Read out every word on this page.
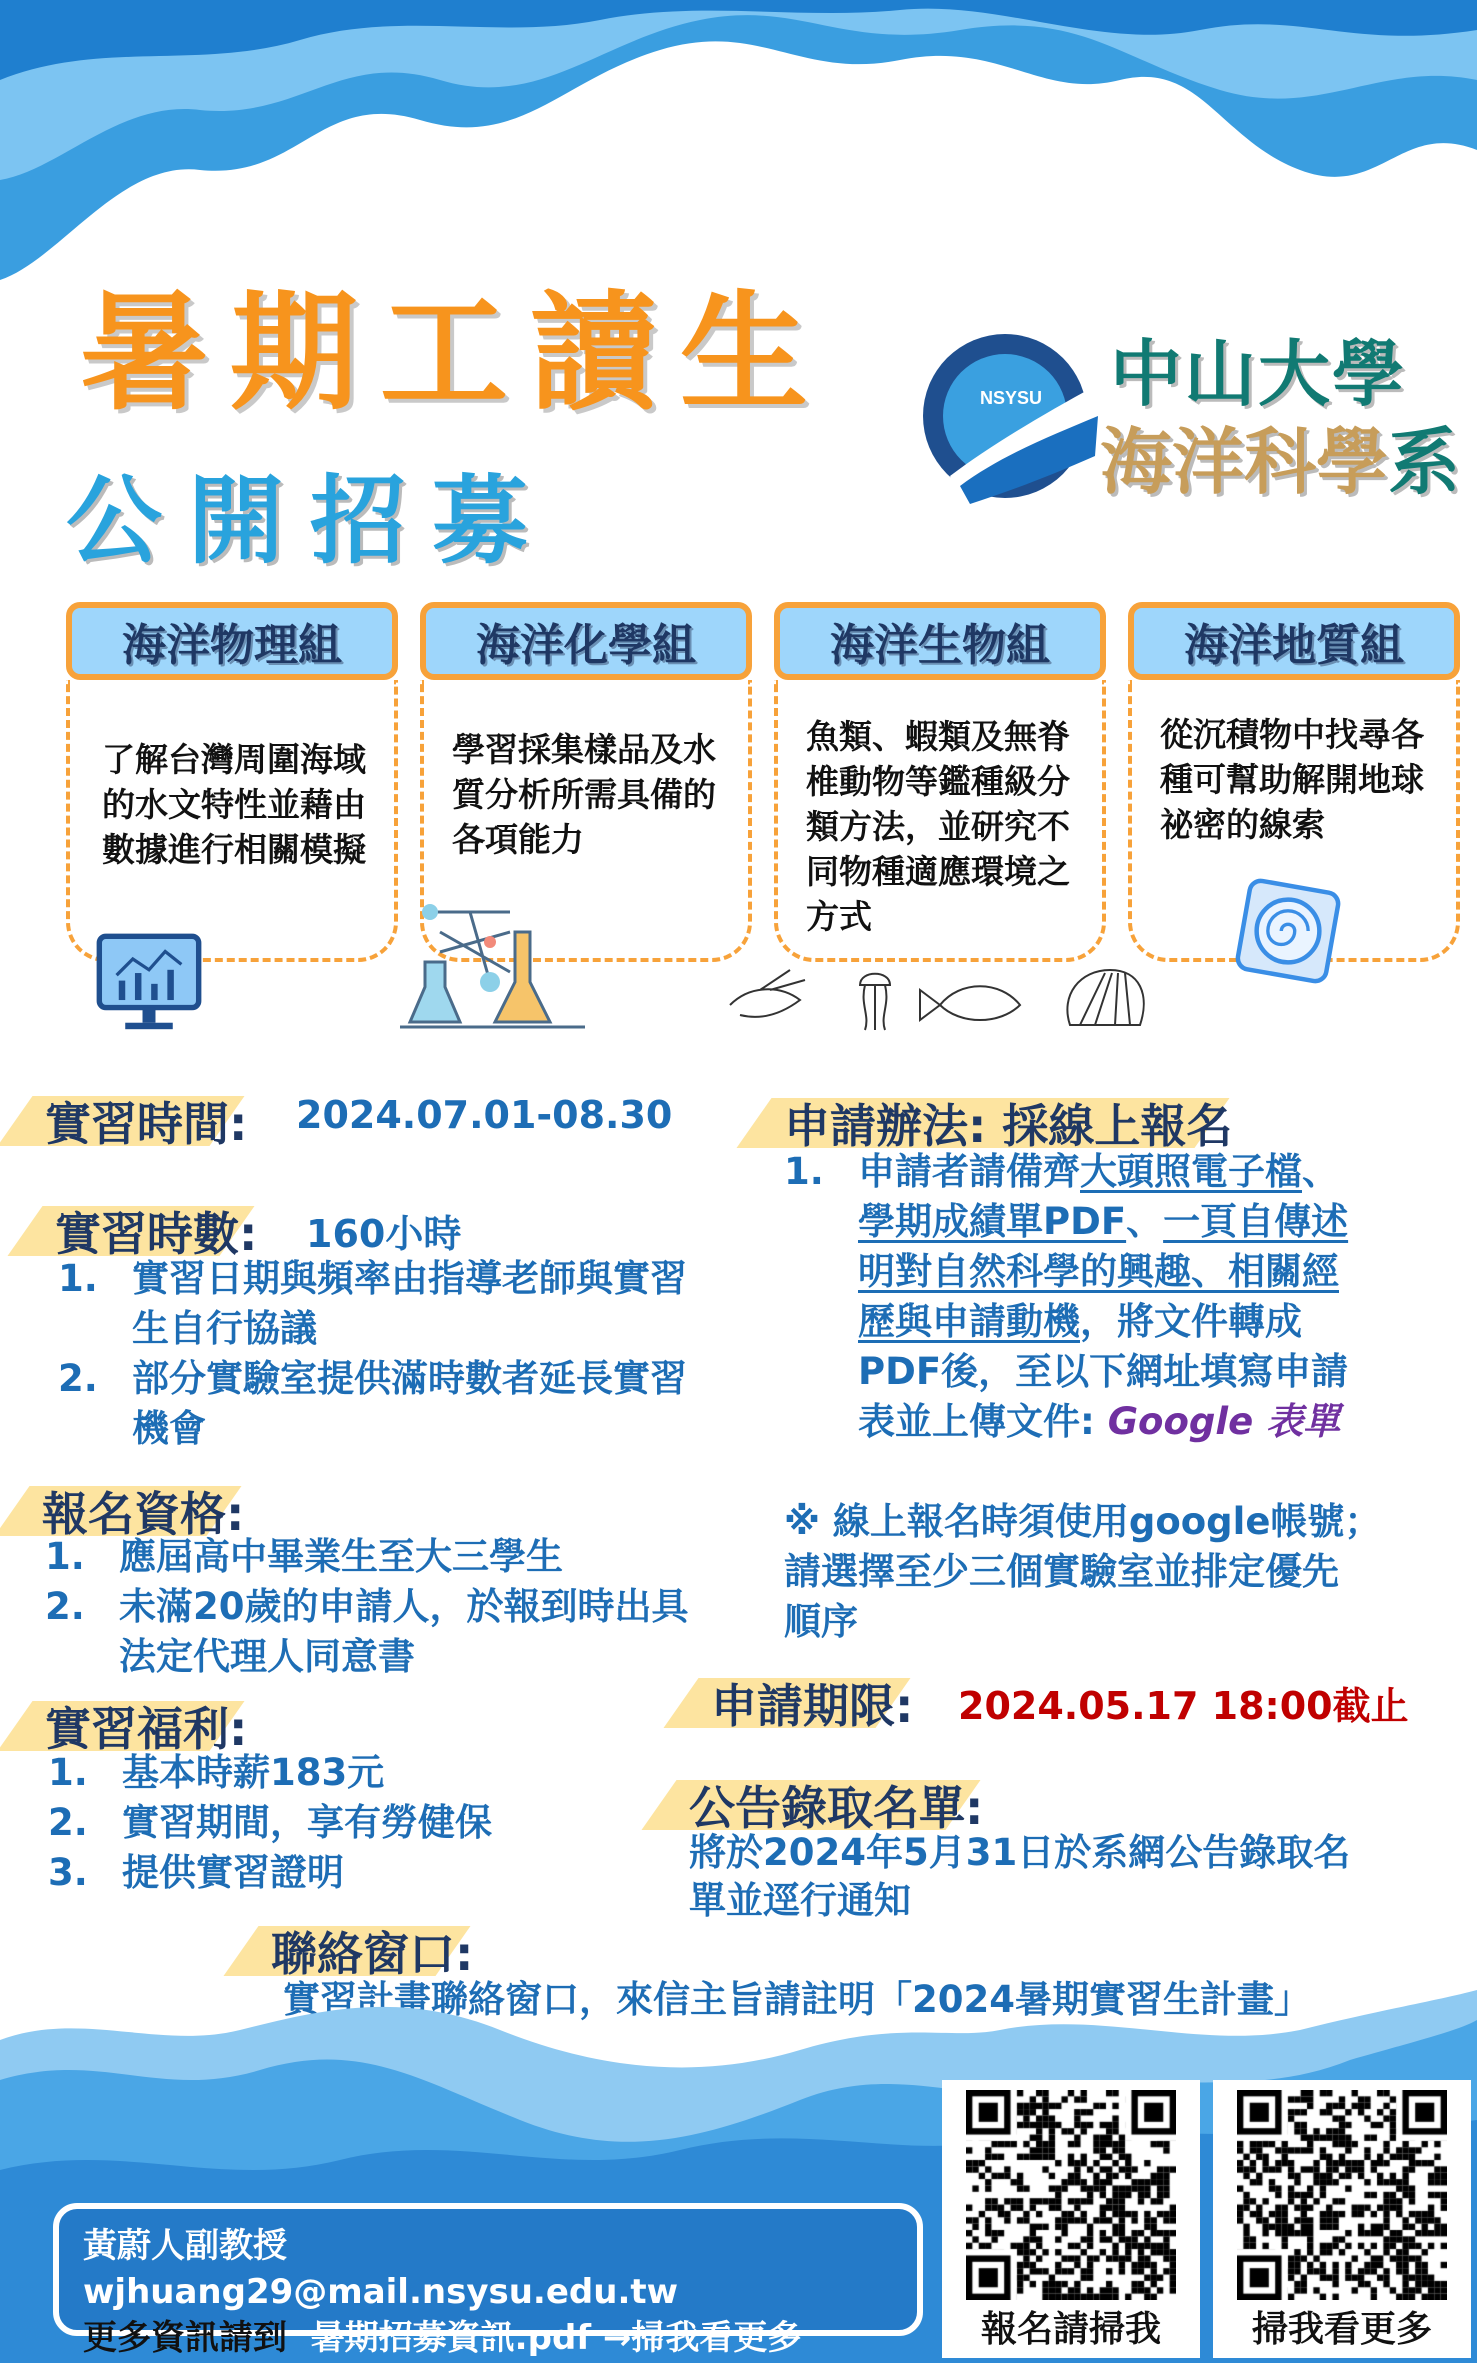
暑期工讀生
公開招募
NSYSU 中山大學
海洋科學系
海洋物理組
了解台灣周圍海域的水文特性並藉由數據進行相關模擬
海洋化學組
學習採集樣品及水質分析所需具備的各項能力
海洋生物組
魚類、蝦類及無脊椎動物等鑑種級分類方法，並研究不同物種適應環境之方式
海洋地質組
從沉積物中找尋各種可幫助解開地球祕密的線索
實習時間: 2024.07.01-08.30
實習時數: 160小時
1. 實習日期與頻率由指導老師與實習
生自行協議
2. 部分實驗室提供滿時數者延長實習
機會
報名資格:
1. 應屆高中畢業生至大三學生
2. 未滿20歲的申請人，於報到時出具
法定代理人同意書
實習福利:
1. 基本時薪183元
2. 實習期間，享有勞健保
3. 提供實習證明
申請辦法: 採線上報名
1. 申請者請備齊大頭照電子檔、
學期成績單PDF、一頁自傳述
明對自然科學的興趣、相關經
歷與申請動機，將文件轉成
PDF後，至以下網址填寫申請
表並上傳文件: Google 表單
※ 線上報名時須使用google帳號；
請選擇至少三個實驗室並排定優先
順序
申請期限: 2024.05.17 18:00截止
公告錄取名單:
將於2024年5月31日於系網公告錄取名
單並逕行通知
聯絡窗口:
實習計畫聯絡窗口，來信主旨請註明「2024暑期實習生計畫」
黃蔚人副教授  wjhuang29@mail.nsysu.edu.tw
更多資訊請到 暑期招募資訊.pdf →掃我看更多	報名請掃我	掃我看更多
